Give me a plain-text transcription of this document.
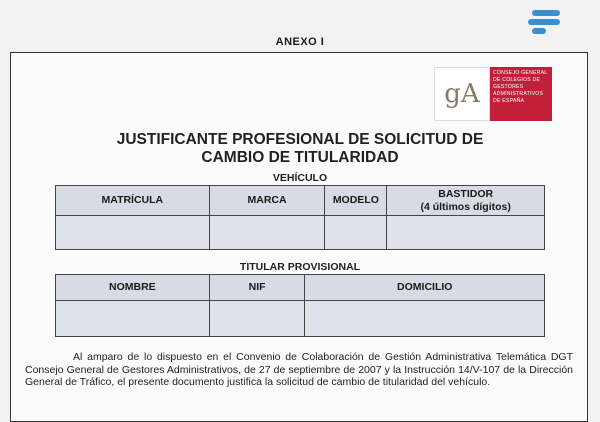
ANEXO I
gA
CONSEJO GENERAL DE COLEGIOS DE GESTORES ADMINISTRATIVOS DE ESPAÑA
JUSTIFICANTE PROFESIONAL DE SOLICITUD DE
CAMBIO DE TITULARIDAD
VEHÍCULO
MATRÍCULA	MARCA	MODELO	BASTIDOR
(4 últimos dígitos)

TITULAR PROVISIONAL
NOMBRE	NIF	DOMICILIO

Al amparo de lo dispuesto en el Convenio de Colaboración de Gestión Administrativa Telemática DGT Consejo General de Gestores Administrativos, de 27 de septiembre de 2007 y la Instrucción 14/V-107 de la Dirección General de Tráfico, el presente documento justifica la solicitud de cambio de titularidad del vehículo.
